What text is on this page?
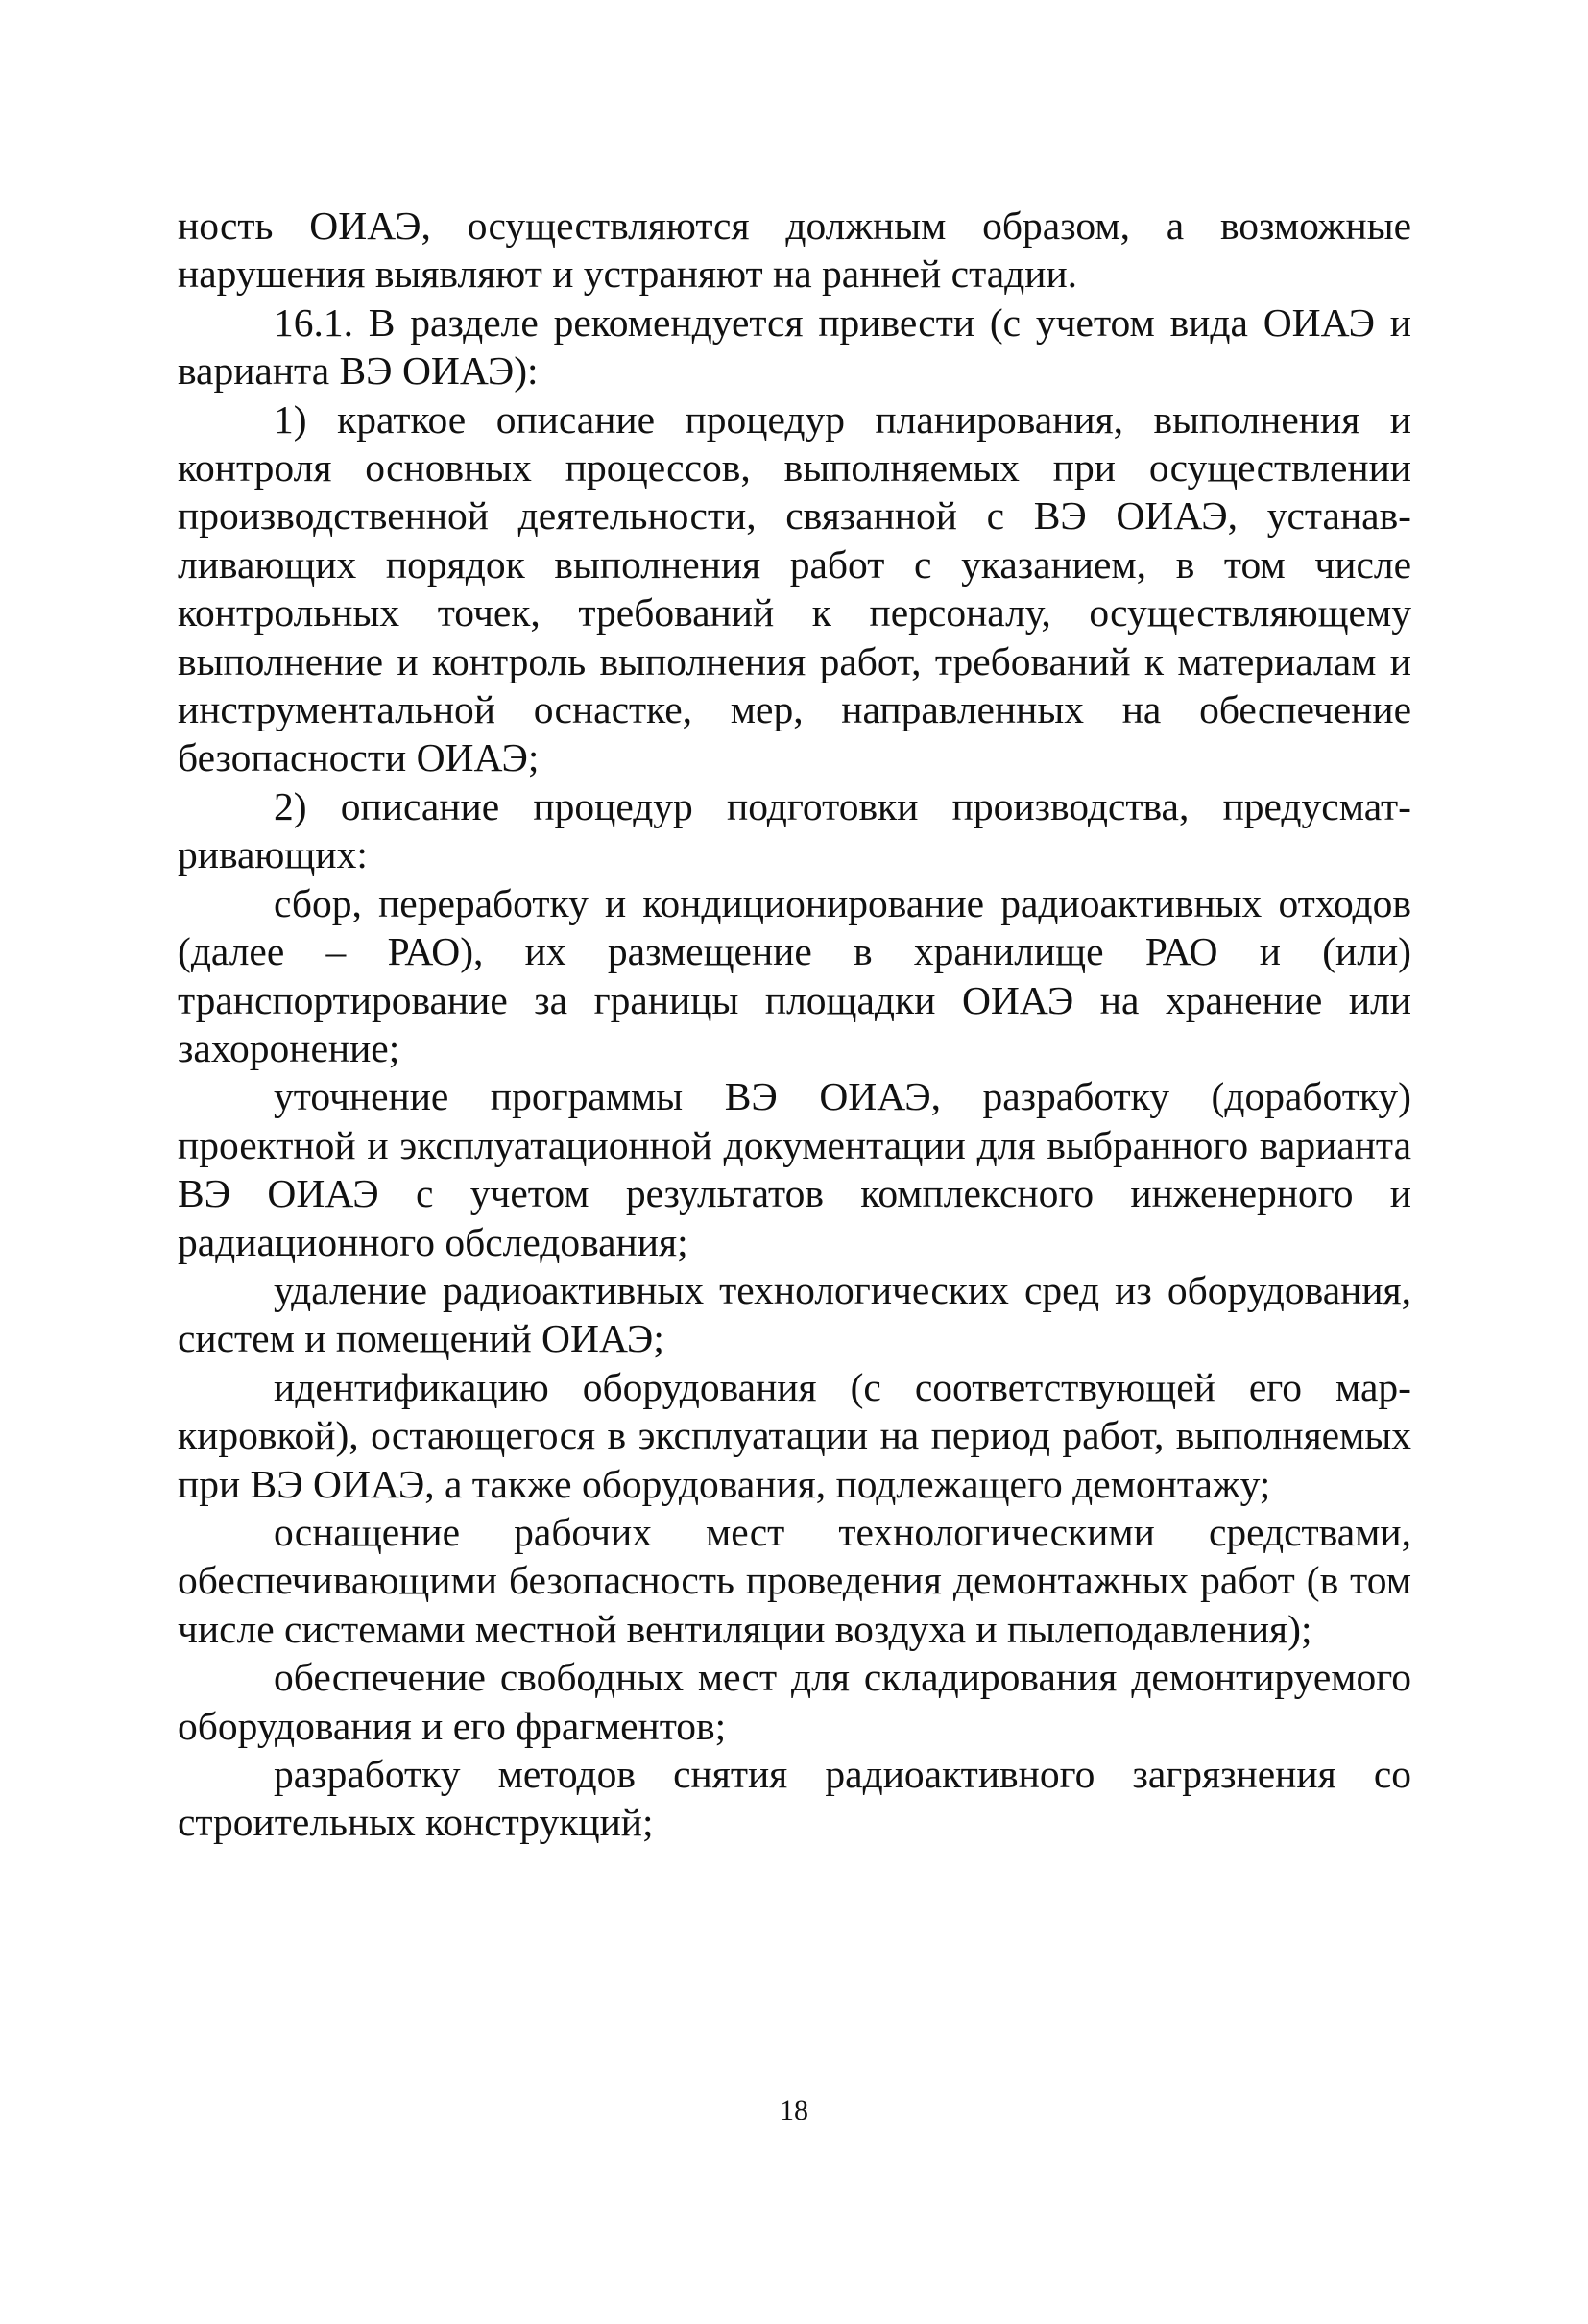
ность ОИАЭ, осуществляются должным образом, а возможные нарушения выявляют и устраняют на ранней стадии.

16.1. В разделе рекомендуется привести (с учетом вида ОИАЭ и варианта ВЭ ОИАЭ):

1) краткое описание процедур планирования, выполнения и контроля основных процессов, выполняемых при осуществлении производственной деятельности, связанной с ВЭ ОИАЭ, устанавливающих порядок выполнения работ с указанием, в том числе контрольных точек, требований к персоналу, осуществляющему выполнение и контроль выполнения работ, требований к материалам и инструментальной оснастке, мер, направленных на обеспечение безопасности ОИАЭ;

2) описание процедур подготовки производства, предусматривающих:

сбор, переработку и кондиционирование радиоактивных отходов (далее – РАО), их размещение в хранилище РАО и (или) транспортирование за границы площадки ОИАЭ на хранение или захоронение;

уточнение программы ВЭ ОИАЭ, разработку (доработку) проектной и эксплуатационной документации для выбранного варианта ВЭ ОИАЭ с учетом результатов комплексного инженерного и радиационного обследования;

удаление радиоактивных технологических сред из оборудования, систем и помещений ОИАЭ;

идентификацию оборудования (с соответствующей его маркировкой), остающегося в эксплуатации на период работ, выполняемых при ВЭ ОИАЭ, а также оборудования, подлежащего демонтажу;

оснащение рабочих мест технологическими средствами, обеспечивающими безопасность проведения демонтажных работ (в том числе системами местной вентиляции воздуха и пылеподавления);

обеспечение свободных мест для складирования демонтируемого оборудования и его фрагментов;

разработку методов снятия радиоактивного загрязнения со строительных конструкций;

18
